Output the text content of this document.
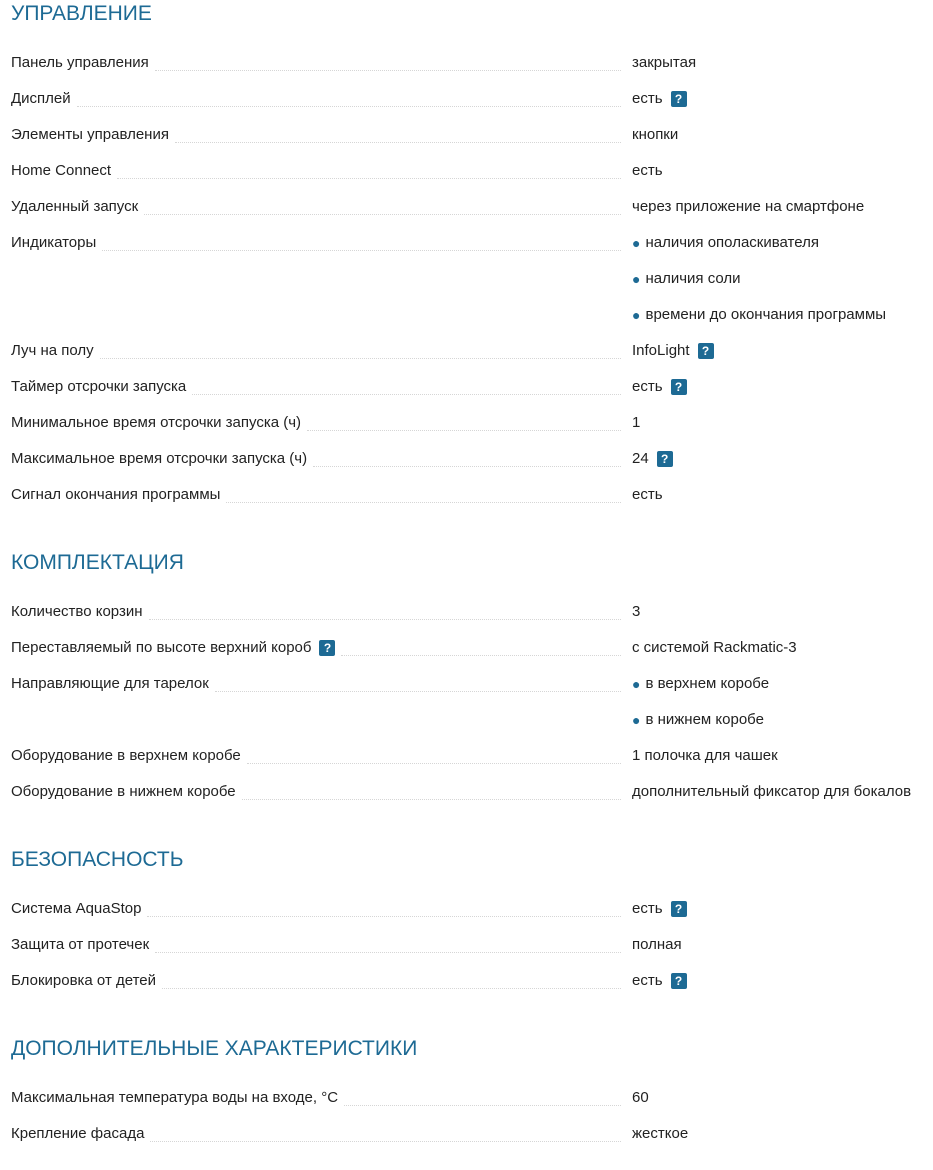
УПРАВЛЕНИЕ
Панель управления	закрытая
Дисплей	есть	?
Элементы управления	кнопки
Home Connect	есть
Удаленный запуск	через приложение на смартфоне
Индикаторы	● наличия ополаскивателя
● наличия соли
● времени до окончания программы
Луч на полу	InfoLight	?
Таймер отсрочки запуска	есть	?
Минимальное время отсрочки запуска (ч)	1
Максимальное время отсрочки запуска (ч)	24	?
Сигнал окончания программы	есть
КОМПЛЕКТАЦИЯ
Количество корзин	3
Переставляемый по высоте верхний короб	?	с системой Rackmatic-3
Направляющие для тарелок	● в верхнем коробе
● в нижнем коробе
Оборудование в верхнем коробе	1 полочка для чашек
Оборудование в нижнем коробе	дополнительный фиксатор для бокалов
БЕЗОПАСНОСТЬ
Система AquaStop	есть	?
Защита от протечек	полная
Блокировка от детей	есть	?
ДОПОЛНИТЕЛЬНЫЕ ХАРАКТЕРИСТИКИ
Максимальная температура воды на входе, °C	60
Крепление фасада	жесткое
